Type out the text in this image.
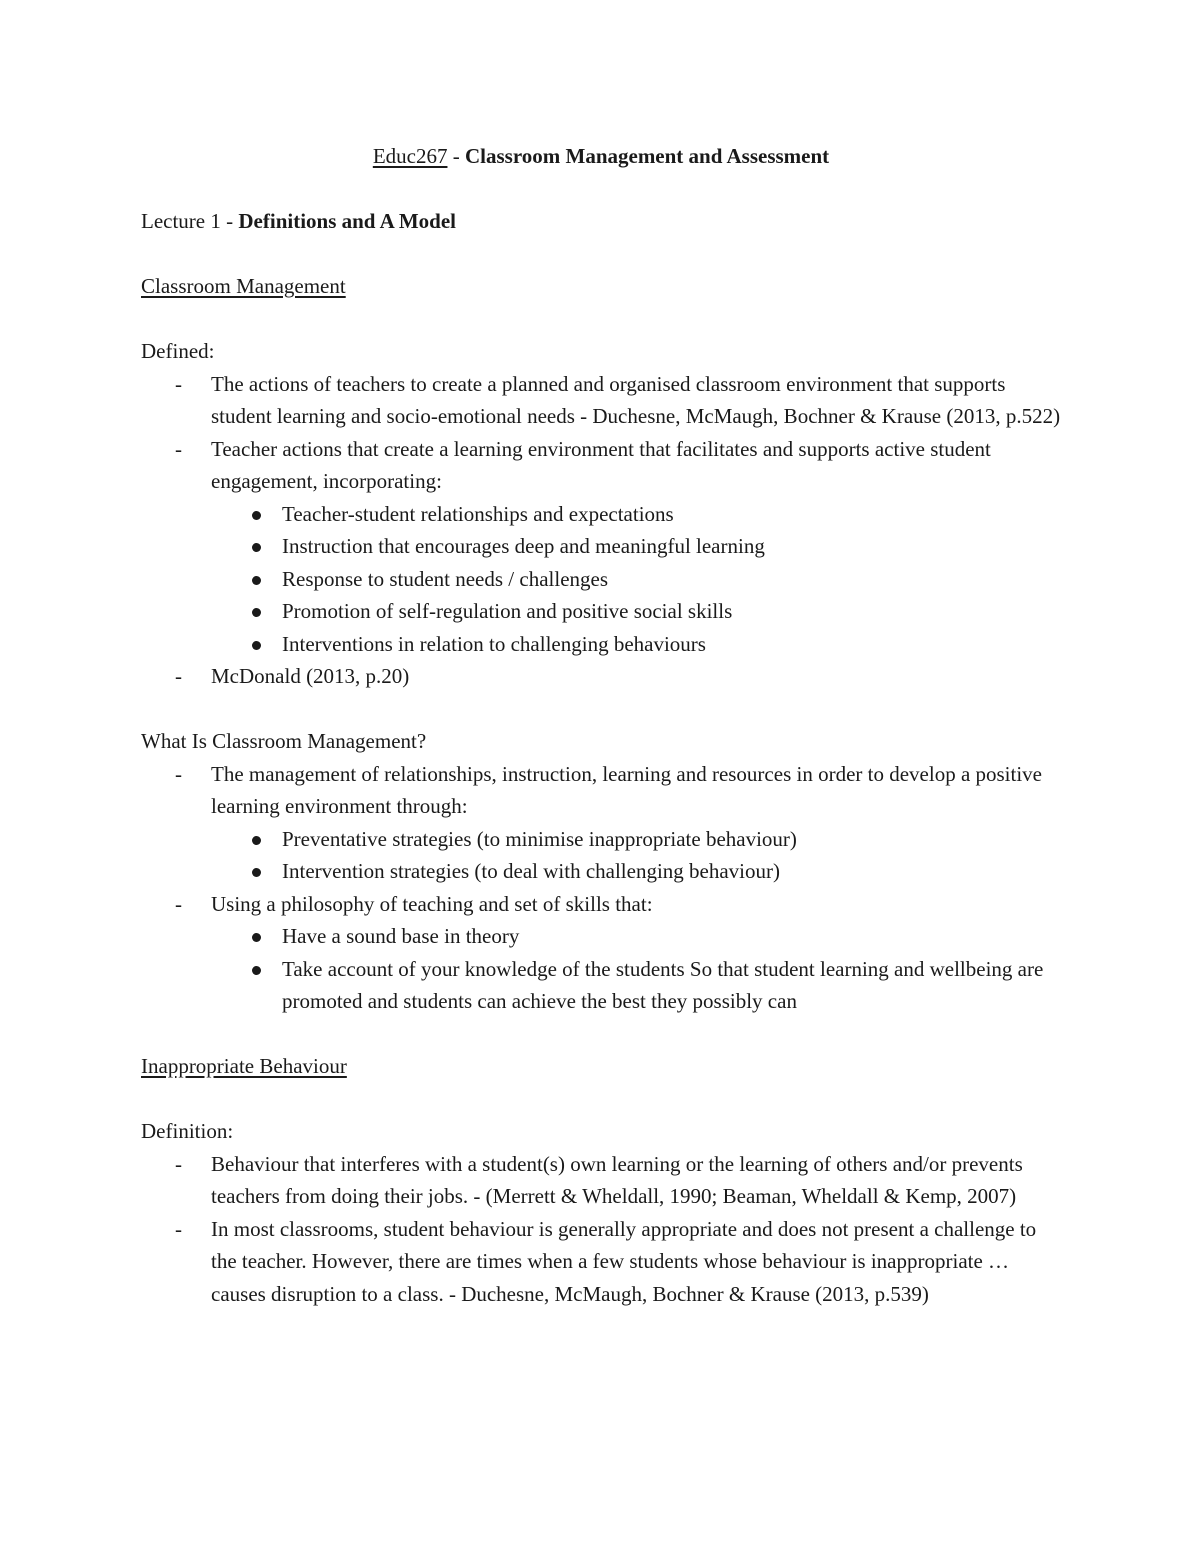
Educ267 - Classroom Management and Assessment

Lecture 1 - Definitions and A Model

Classroom Management

Defined:

- The actions of teachers to create a planned and organised classroom environment that supports student learning and socio-emotional needs - Duchesne, McMaugh, Bochner & Krause (2013, p.522)
- Teacher actions that create a learning environment that facilitates and supports active student engagement, incorporating:
Teacher-student relationships and expectations
Instruction that encourages deep and meaningful learning
Response to student needs / challenges
Promotion of self-regulation and positive social skills
Interventions in relation to challenging behaviours
- McDonald (2013, p.20)

What Is Classroom Management?

- The management of relationships, instruction, learning and resources in order to develop a positive learning environment through:
Preventative strategies (to minimise inappropriate behaviour)
Intervention strategies (to deal with challenging behaviour)
- Using a philosophy of teaching and set of skills that:
Have a sound base in theory
Take account of your knowledge of the students So that student learning and wellbeing are promoted and students can achieve the best they possibly can

Inappropriate Behaviour

Definition:

- Behaviour that interferes with a student(s) own learning or the learning of others and/or prevents teachers from doing their jobs. - (Merrett & Wheldall, 1990; Beaman, Wheldall & Kemp, 2007)
- In most classrooms, student behaviour is generally appropriate and does not present a challenge to the teacher. However, there are times when a few students whose behaviour is inappropriate … causes disruption to a class. - Duchesne, McMaugh, Bochner & Krause (2013, p.539)
